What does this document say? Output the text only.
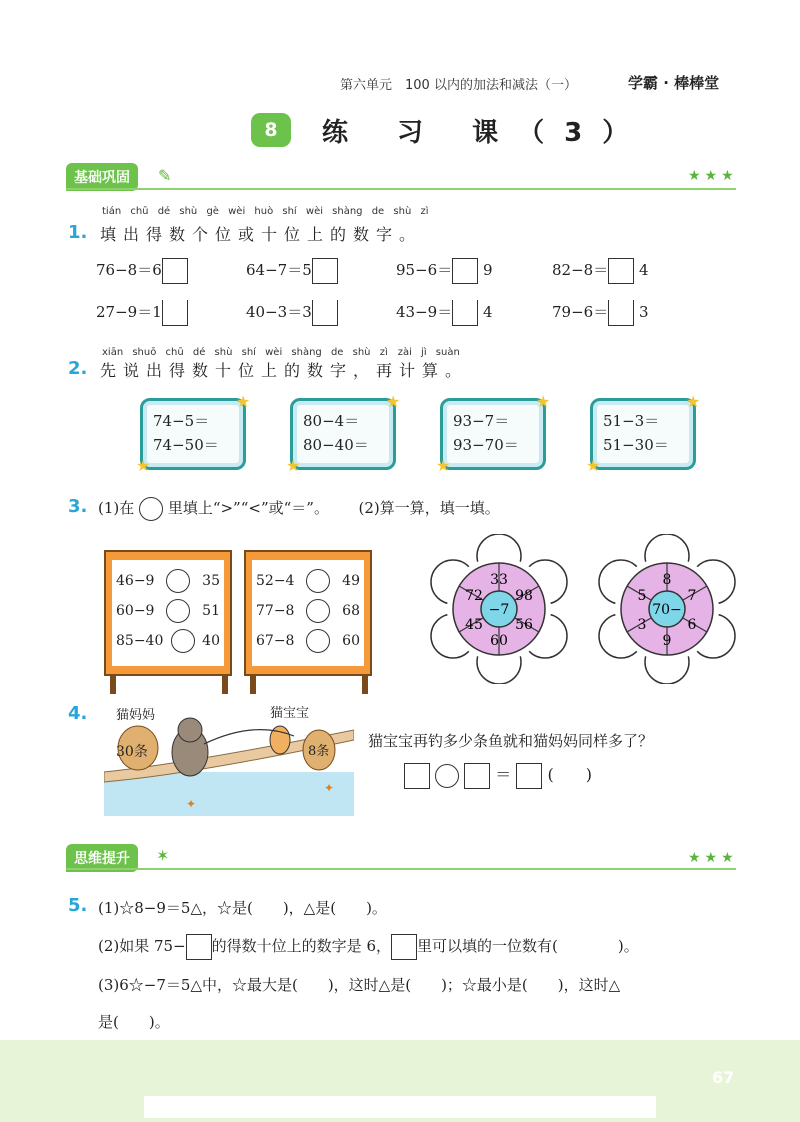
第六单元　100 以内的加法和减法（一）	学霸 · 棒棒堂
8	练 习 课（3）
基础巩固	✎	★★★
tián chū dé shù gè wèi huò shí wèi shàng de shù zì
1. 填出得数个位或十位上的数字。
76−8＝6	64−7＝5	95−6＝ 9	82−8＝ 4
27−9＝1	40−3＝3	43−9＝ 4	79−6＝ 3
xiān shuō chū dé shù shí wèi shàng de shù zì　zài jì suàn
2. 先说出得数十位上的数字，再计算。
74−5＝
74−50＝
★
★
80−4＝
80−40＝
★
★
93−7＝
93−70＝
★
★
51−3＝
51−30＝
★
★
3. (1)在 里填上“>”“<”或“＝”。 (2)算一算，填一填。
46−9	35
60−9	51
85−40	40
52−4	49
77−8	68
67−8	60
−7
33
98
56
60
45
72
70−
8
7
6
9
3
5
4.
✦
✦
猫妈妈	猫宝宝
30条	8条
猫宝宝再钓多少条鱼就和猫妈妈同样多了？
＝ (　　)
思维提升	✶	★★★
5. (1)☆8−9＝5△，☆是(　　)，△是(　　)。
(2)如果 75− 的得数十位上的数字是 6， 里可以填的一位数有(　　　　)。
(3)6☆−7＝5△中，☆最大是(　　)，这时△是(　　)；☆最小是(　　)，这时△
是(　　)。
67
